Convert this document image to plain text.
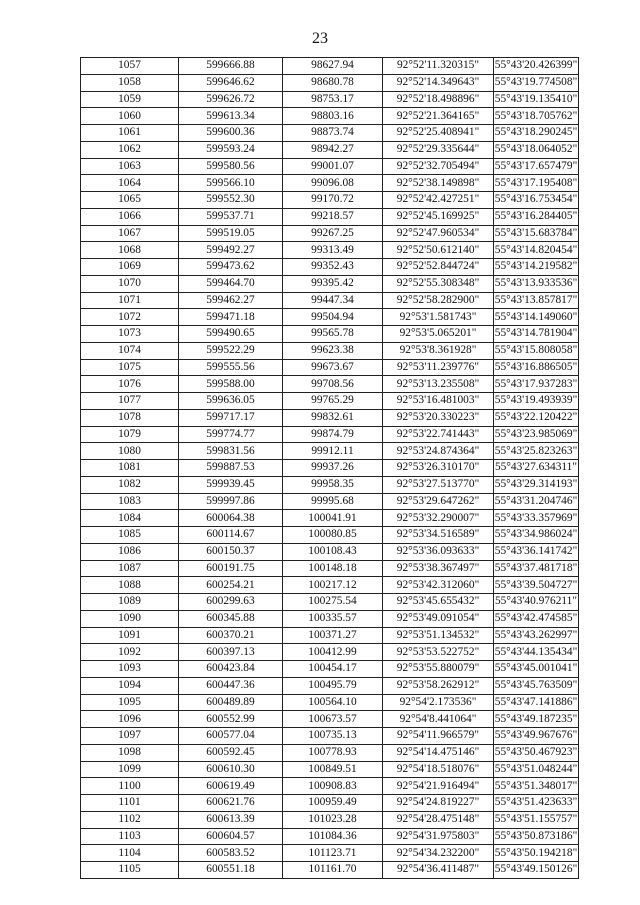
23
1057	599666.88	98627.94	92°52'11.320315"	55°43'20.426399"
1058	599646.62	98680.78	92°52'14.349643"	55°43'19.774508"
1059	599626.72	98753.17	92°52'18.498896"	55°43'19.135410"
1060	599613.34	98803.16	92°52'21.364165"	55°43'18.705762"
1061	599600.36	98873.74	92°52'25.408941"	55°43'18.290245"
1062	599593.24	98942.27	92°52'29.335644"	55°43'18.064052"
1063	599580.56	99001.07	92°52'32.705494"	55°43'17.657479"
1064	599566.10	99096.08	92°52'38.149898"	55°43'17.195408"
1065	599552.30	99170.72	92°52'42.427251"	55°43'16.753454"
1066	599537.71	99218.57	92°52'45.169925"	55°43'16.284405"
1067	599519.05	99267.25	92°52'47.960534"	55°43'15.683784"
1068	599492.27	99313.49	92°52'50.612140"	55°43'14.820454"
1069	599473.62	99352.43	92°52'52.844724"	55°43'14.219582"
1070	599464.70	99395.42	92°52'55.308348"	55°43'13.933536"
1071	599462.27	99447.34	92°52'58.282900"	55°43'13.857817"
1072	599471.18	99504.94	92°53'1.581743"	55°43'14.149060"
1073	599490.65	99565.78	92°53'5.065201"	55°43'14.781904"
1074	599522.29	99623.38	92°53'8.361928"	55°43'15.808058"
1075	599555.56	99673.67	92°53'11.239776"	55°43'16.886505"
1076	599588.00	99708.56	92°53'13.235508"	55°43'17.937283"
1077	599636.05	99765.29	92°53'16.481003"	55°43'19.493939"
1078	599717.17	99832.61	92°53'20.330223"	55°43'22.120422"
1079	599774.77	99874.79	92°53'22.741443"	55°43'23.985069"
1080	599831.56	99912.11	92°53'24.874364"	55°43'25.823263"
1081	599887.53	99937.26	92°53'26.310170"	55°43'27.634311"
1082	599939.45	99958.35	92°53'27.513770"	55°43'29.314193"
1083	599997.86	99995.68	92°53'29.647262"	55°43'31.204746"
1084	600064.38	100041.91	92°53'32.290007"	55°43'33.357969"
1085	600114.67	100080.85	92°53'34.516589"	55°43'34.986024"
1086	600150.37	100108.43	92°53'36.093633"	55°43'36.141742"
1087	600191.75	100148.18	92°53'38.367497"	55°43'37.481718"
1088	600254.21	100217.12	92°53'42.312060"	55°43'39.504727"
1089	600299.63	100275.54	92°53'45.655432"	55°43'40.976211"
1090	600345.88	100335.57	92°53'49.091054"	55°43'42.474585"
1091	600370.21	100371.27	92°53'51.134532"	55°43'43.262997"
1092	600397.13	100412.99	92°53'53.522752"	55°43'44.135434"
1093	600423.84	100454.17	92°53'55.880079"	55°43'45.001041"
1094	600447.36	100495.79	92°53'58.262912"	55°43'45.763509"
1095	600489.89	100564.10	92°54'2.173536"	55°43'47.141886"
1096	600552.99	100673.57	92°54'8.441064"	55°43'49.187235"
1097	600577.04	100735.13	92°54'11.966579"	55°43'49.967676"
1098	600592.45	100778.93	92°54'14.475146"	55°43'50.467923"
1099	600610.30	100849.51	92°54'18.518076"	55°43'51.048244"
1100	600619.49	100908.83	92°54'21.916494"	55°43'51.348017"
1101	600621.76	100959.49	92°54'24.819227"	55°43'51.423633"
1102	600613.39	101023.28	92°54'28.475148"	55°43'51.155757"
1103	600604.57	101084.36	92°54'31.975803"	55°43'50.873186"
1104	600583.52	101123.71	92°54'34.232200"	55°43'50.194218"
1105	600551.18	101161.70	92°54'36.411487"	55°43'49.150126"
